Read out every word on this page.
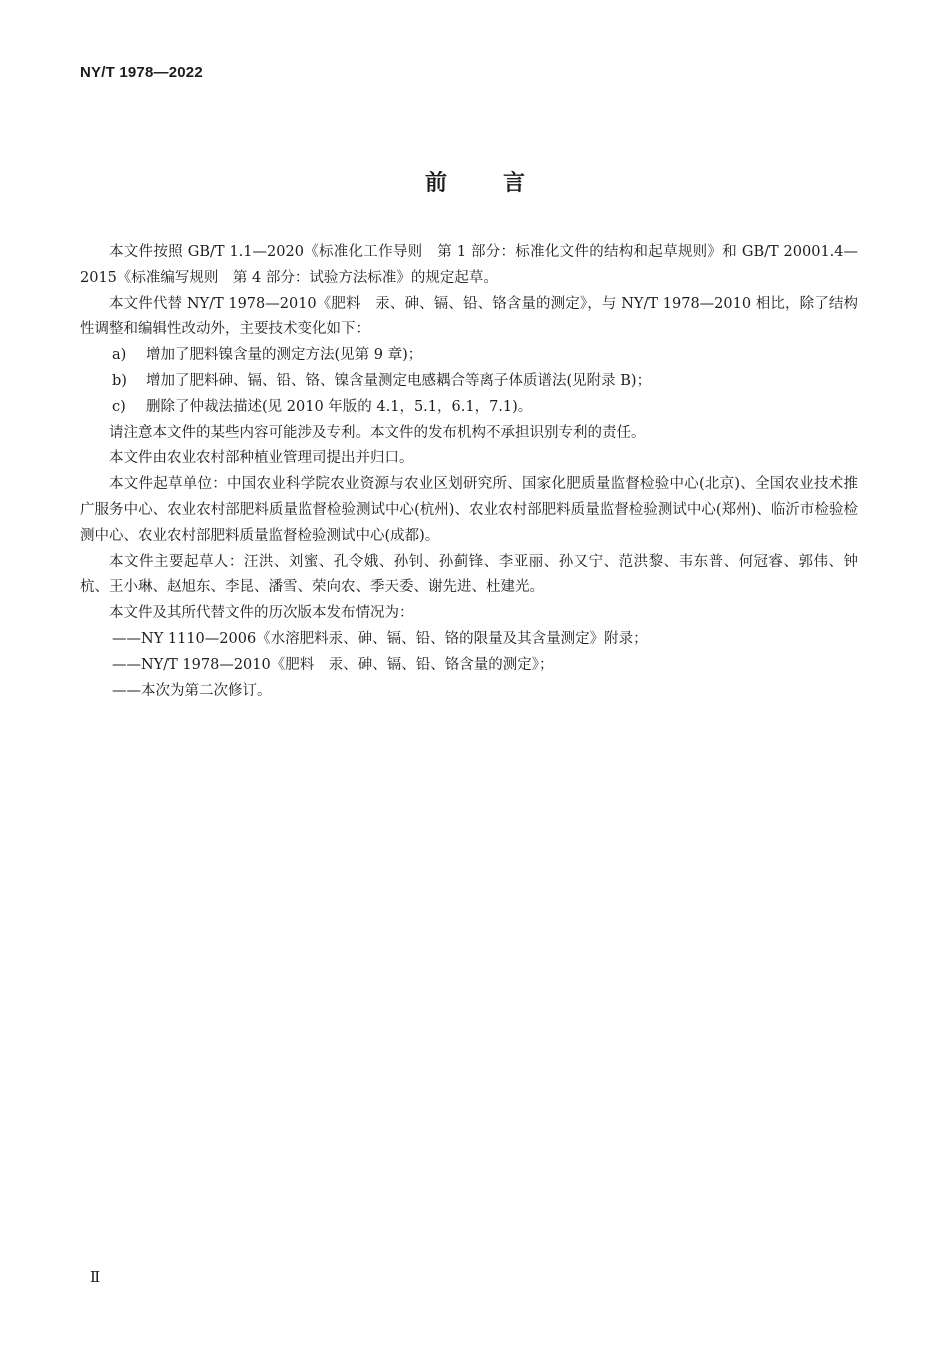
NY/T 1978—2022
前言

本文件按照 GB/T 1.1—2020《标准化工作导则　第 1 部分：标准化文件的结构和起草规则》和 GB/T 20001.4—2015《标准编写规则　第 4 部分：试验方法标准》的规定起草。

本文件代替 NY/T 1978—2010《肥料　汞、砷、镉、铅、铬含量的测定》，与 NY/T 1978—2010 相比，除了结构性调整和编辑性改动外，主要技术变化如下：

a)	增加了肥料镍含量的测定方法(见第 9 章)；

b)	增加了肥料砷、镉、铅、铬、镍含量测定电感耦合等离子体质谱法(见附录 B)；

c)	删除了仲裁法描述(见 2010 年版的 4.1，5.1，6.1，7.1)。

请注意本文件的某些内容可能涉及专利。本文件的发布机构不承担识别专利的责任。

本文件由农业农村部种植业管理司提出并归口。

本文件起草单位：中国农业科学院农业资源与农业区划研究所、国家化肥质量监督检验中心(北京)、全国农业技术推广服务中心、农业农村部肥料质量监督检验测试中心(杭州)、农业农村部肥料质量监督检验测试中心(郑州)、临沂市检验检测中心、农业农村部肥料质量监督检验测试中心(成都)。

本文件主要起草人：汪洪、刘蜜、孔令娥、孙钊、孙蓟锋、李亚丽、孙又宁、范洪黎、韦东普、何冠睿、郭伟、钟杭、王小琳、赵旭东、李昆、潘雪、荣向农、季天委、谢先进、杜建光。

本文件及其所代替文件的历次版本发布情况为：

——NY 1110—2006《水溶肥料汞、砷、镉、铅、铬的限量及其含量测定》附录；

——NY/T 1978—2010《肥料　汞、砷、镉、铅、铬含量的测定》；

——本次为第二次修订。

Ⅱ
